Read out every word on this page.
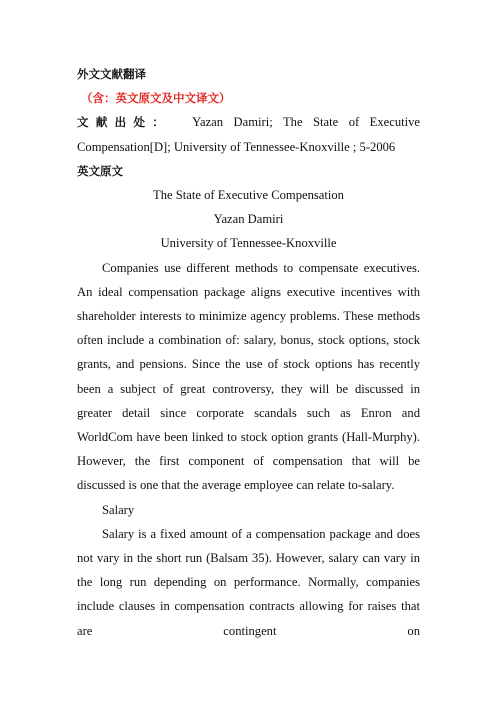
外文文献翻译

（含：英文原文及中文译文）

文献出处： Yazan Damiri; The State of Executive Compensation[D]; University of Tennessee-Knoxville ; 5-2006

英文原文

The State of Executive Compensation

Yazan Damiri

University of Tennessee-Knoxville

Companies use different methods to compensate executives. An ideal compensation package aligns executive incentives with shareholder interests to minimize agency problems. These methods often include a combination of: salary, bonus, stock options, stock grants, and pensions. Since the use of stock options has recently been a subject of great controversy, they will be discussed in greater detail since corporate scandals such as Enron and WorldCom have been linked to stock option grants (Hall-Murphy). However, the first component of compensation that will be discussed is one that the average employee can relate to-salary.

Salary

Salary is a fixed amount of a compensation package and does not vary in the short run (Balsam 35). However, salary can vary in the long run depending on performance. Normally, companies include clauses in compensation contracts allowing for raises that are contingent on
